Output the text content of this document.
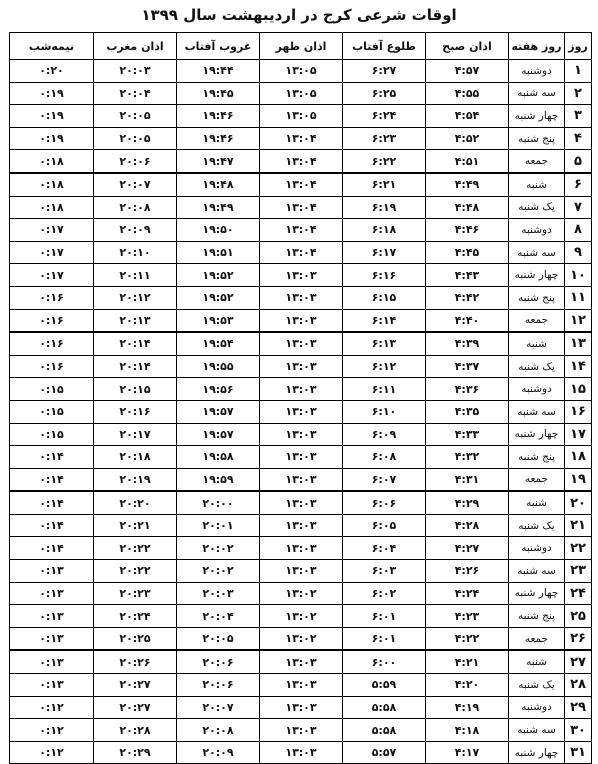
اوقات شرعی کرج در اردیبهشت سال ۱۳۹۹
روز	روز هفته	اذان صبح	طلوع آفتاب	اذان ظهر	غروب آفتاب	اذان مغرب	نیمه‌شب
۱	دوشنبه	۴:۵۷	۶:۲۷	۱۳:۰۵	۱۹:۴۴	۲۰:۰۳	۰:۲۰
۲	سه شنبه	۴:۵۵	۶:۲۵	۱۳:۰۵	۱۹:۴۵	۲۰:۰۴	۰:۱۹
۳	چهار شنبه	۴:۵۴	۶:۲۴	۱۳:۰۵	۱۹:۴۶	۲۰:۰۵	۰:۱۹
۴	پنج شنبه	۴:۵۲	۶:۲۳	۱۳:۰۴	۱۹:۴۶	۲۰:۰۵	۰:۱۹
۵	جمعه	۴:۵۱	۶:۲۲	۱۳:۰۴	۱۹:۴۷	۲۰:۰۶	۰:۱۸
۶	شنبه	۴:۴۹	۶:۲۱	۱۳:۰۴	۱۹:۴۸	۲۰:۰۷	۰:۱۸
۷	یک شنبه	۴:۴۸	۶:۱۹	۱۳:۰۴	۱۹:۴۹	۲۰:۰۸	۰:۱۸
۸	دوشنبه	۴:۴۶	۶:۱۸	۱۳:۰۴	۱۹:۵۰	۲۰:۰۹	۰:۱۷
۹	سه شنبه	۴:۴۵	۶:۱۷	۱۳:۰۴	۱۹:۵۱	۲۰:۱۰	۰:۱۷
۱۰	چهار شنبه	۴:۴۳	۶:۱۶	۱۳:۰۳	۱۹:۵۲	۲۰:۱۱	۰:۱۷
۱۱	پنج شنبه	۴:۴۲	۶:۱۵	۱۳:۰۳	۱۹:۵۲	۲۰:۱۲	۰:۱۶
۱۲	جمعه	۴:۴۰	۶:۱۴	۱۳:۰۳	۱۹:۵۳	۲۰:۱۳	۰:۱۶
۱۳	شنبه	۴:۳۹	۶:۱۳	۱۳:۰۳	۱۹:۵۴	۲۰:۱۴	۰:۱۶
۱۴	یک شنبه	۴:۳۷	۶:۱۲	۱۳:۰۳	۱۹:۵۵	۲۰:۱۴	۰:۱۶
۱۵	دوشنبه	۴:۳۶	۶:۱۱	۱۳:۰۳	۱۹:۵۶	۲۰:۱۵	۰:۱۵
۱۶	سه شنبه	۴:۳۵	۶:۱۰	۱۳:۰۳	۱۹:۵۷	۲۰:۱۶	۰:۱۵
۱۷	چهار شنبه	۴:۳۳	۶:۰۹	۱۳:۰۳	۱۹:۵۷	۲۰:۱۷	۰:۱۵
۱۸	پنج شنبه	۴:۳۲	۶:۰۸	۱۳:۰۳	۱۹:۵۸	۲۰:۱۸	۰:۱۴
۱۹	جمعه	۴:۳۱	۶:۰۷	۱۳:۰۳	۱۹:۵۹	۲۰:۱۹	۰:۱۴
۲۰	شنبه	۴:۲۹	۶:۰۶	۱۳:۰۳	۲۰:۰۰	۲۰:۲۰	۰:۱۴
۲۱	یک شنبه	۴:۲۸	۶:۰۵	۱۳:۰۳	۲۰:۰۱	۲۰:۲۱	۰:۱۴
۲۲	دوشنبه	۴:۲۷	۶:۰۴	۱۳:۰۳	۲۰:۰۲	۲۰:۲۲	۰:۱۴
۲۳	سه شنبه	۴:۲۶	۶:۰۳	۱۳:۰۳	۲۰:۰۲	۲۰:۲۲	۰:۱۳
۲۴	چهار شنبه	۴:۲۴	۶:۰۲	۱۳:۰۲	۲۰:۰۳	۲۰:۲۳	۰:۱۳
۲۵	پنج شنبه	۴:۲۳	۶:۰۱	۱۳:۰۲	۲۰:۰۴	۲۰:۲۴	۰:۱۳
۲۶	جمعه	۴:۲۲	۶:۰۱	۱۳:۰۲	۲۰:۰۵	۲۰:۲۵	۰:۱۳
۲۷	شنبه	۴:۲۱	۶:۰۰	۱۳:۰۳	۲۰:۰۶	۲۰:۲۶	۰:۱۳
۲۸	یک شنبه	۴:۲۰	۵:۵۹	۱۳:۰۳	۲۰:۰۶	۲۰:۲۷	۰:۱۳
۲۹	دوشنبه	۴:۱۹	۵:۵۸	۱۳:۰۳	۲۰:۰۷	۲۰:۲۷	۰:۱۲
۳۰	سه شنبه	۴:۱۸	۵:۵۸	۱۳:۰۳	۲۰:۰۸	۲۰:۲۸	۰:۱۲
۳۱	چهار شنبه	۴:۱۷	۵:۵۷	۱۳:۰۳	۲۰:۰۹	۲۰:۲۹	۰:۱۲
